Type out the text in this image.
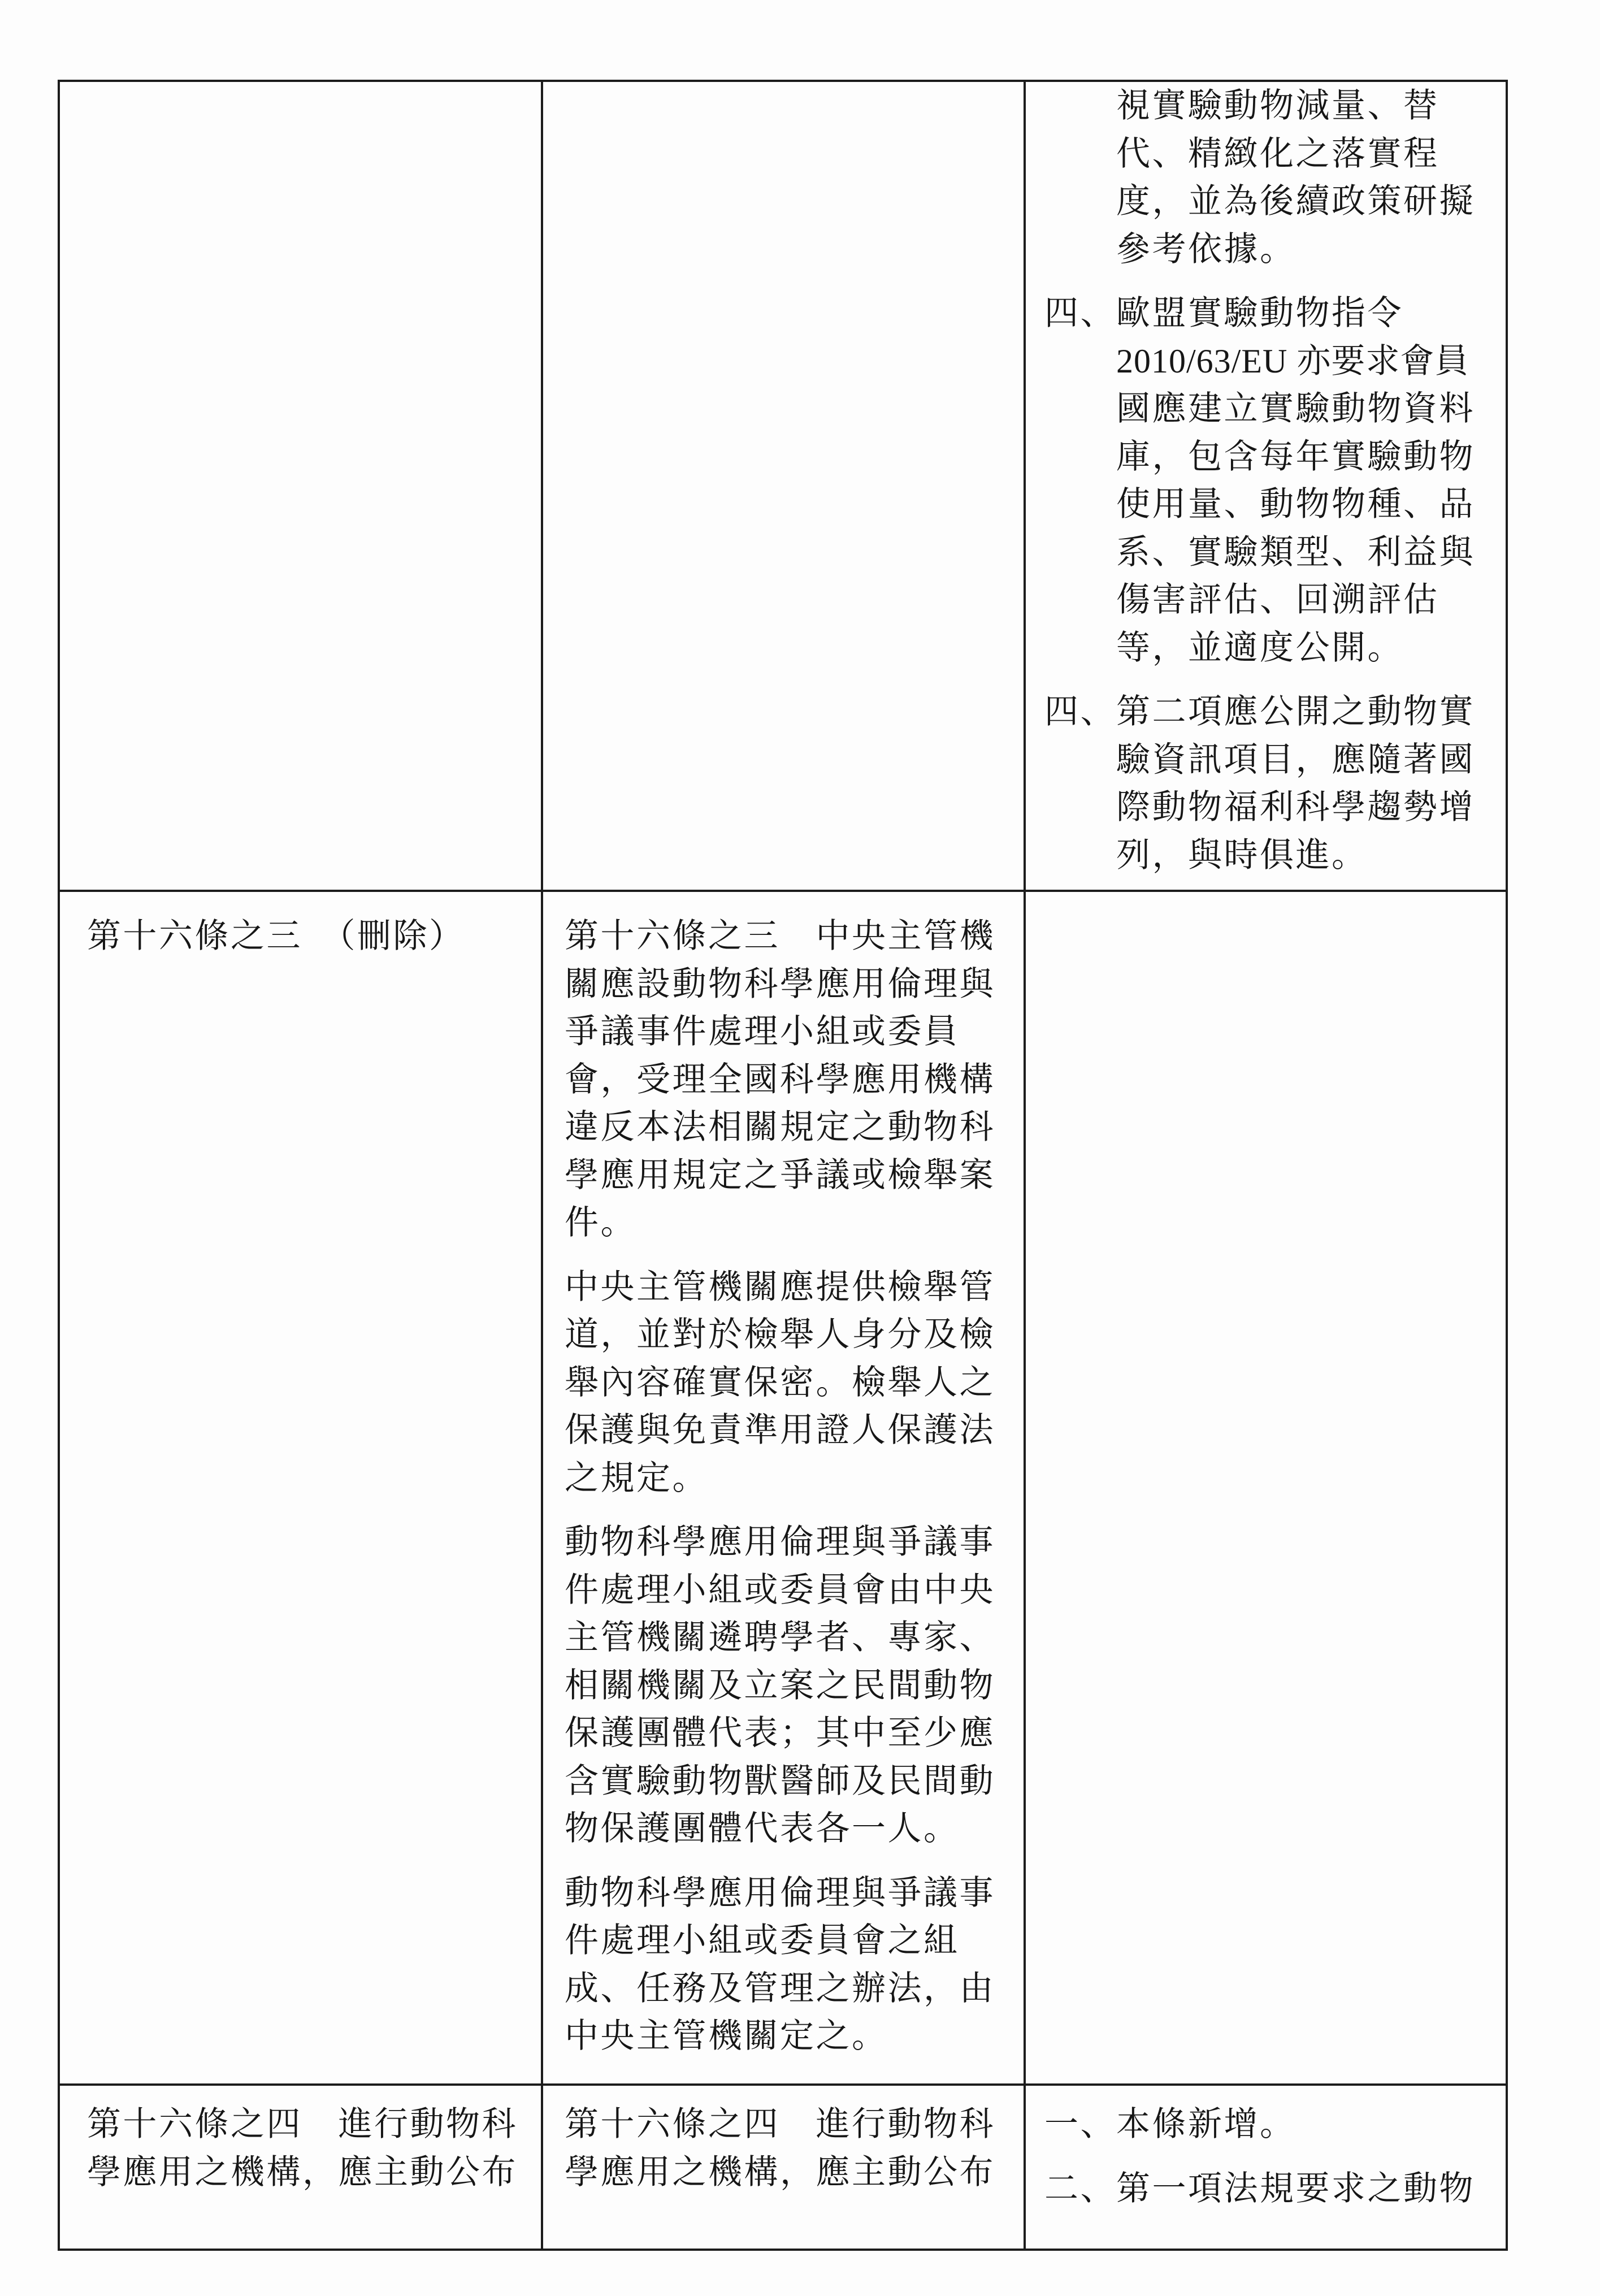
視實驗動物減量、替
代、精緻化之落實程
度，並為後續政策研擬
參考依據。
四、 歐盟實驗動物指令
2010/63/EU 亦要求會員
國應建立實驗動物資料
庫，包含每年實驗動物
使用量、動物物種、品
系、實驗類型、利益與
傷害評估、回溯評估
等，並適度公開。
四、 第二項應公開之動物實
驗資訊項目，應隨著國
際動物福利科學趨勢增
列，與時俱進。
第十六條之三　（刪除）	第十六條之三　中央主管機
關應設動物科學應用倫理與
爭議事件處理小組或委員
會，受理全國科學應用機構
違反本法相關規定之動物科
學應用規定之爭議或檢舉案
件。
中央主管機關應提供檢舉管
道，並對於檢舉人身分及檢
舉內容確實保密。檢舉人之
保護與免責準用證人保護法
之規定。
動物科學應用倫理與爭議事
件處理小組或委員會由中央
主管機關遴聘學者、專家、
相關機關及立案之民間動物
保護團體代表；其中至少應
含實驗動物獸醫師及民間動
物保護團體代表各一人。
動物科學應用倫理與爭議事
件處理小組或委員會之組
成、任務及管理之辦法，由
中央主管機關定之。
第十六條之四　進行動物科
學應用之機構，應主動公布
第十六條之四　進行動物科
學應用之機構，應主動公布
一、 本條新增。
二、 第一項法規要求之動物
